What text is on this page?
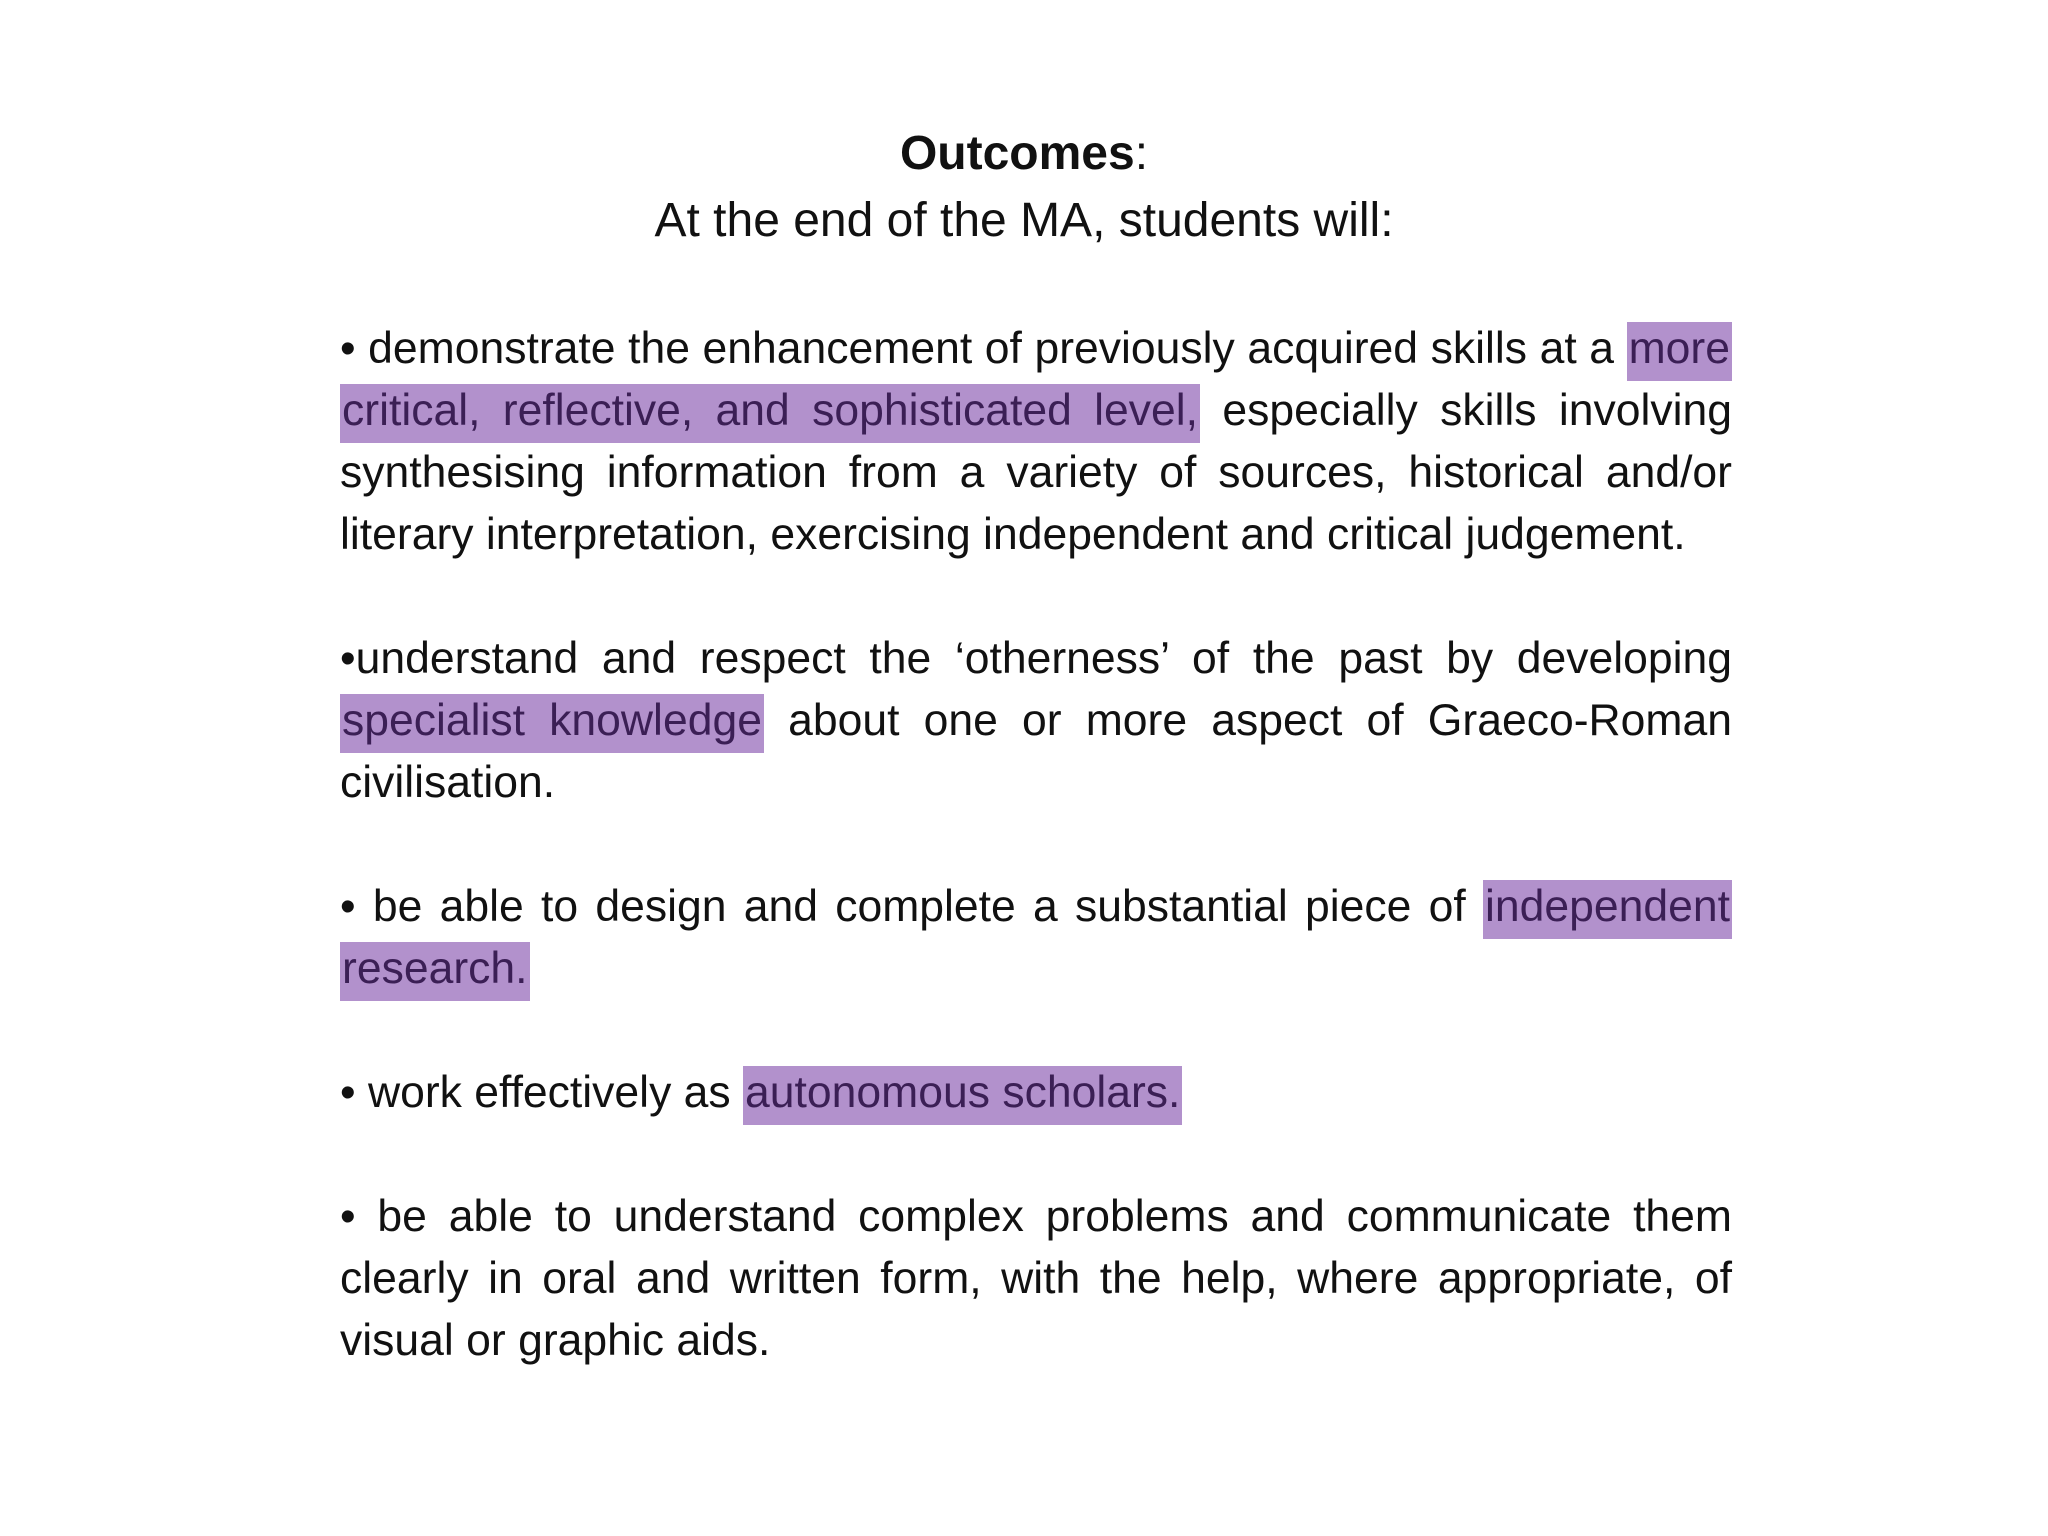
Outcomes:

At the end of the MA, students will:

• demonstrate the enhancement of previously acquired skills at a more critical, reflective, and sophisticated level, especially skills involving synthesising information from a variety of sources, historical and/or literary interpretation, exercising independent and critical judgement.

•understand and respect the ‘otherness’ of the past by developing specialist knowledge about one or more aspect of Graeco-Roman civilisation.

• be able to design and complete a substantial piece of independent research.

• work effectively as autonomous scholars.

• be able to understand complex problems and communicate them clearly in oral and written form, with the help, where appropriate, of visual or graphic aids.
